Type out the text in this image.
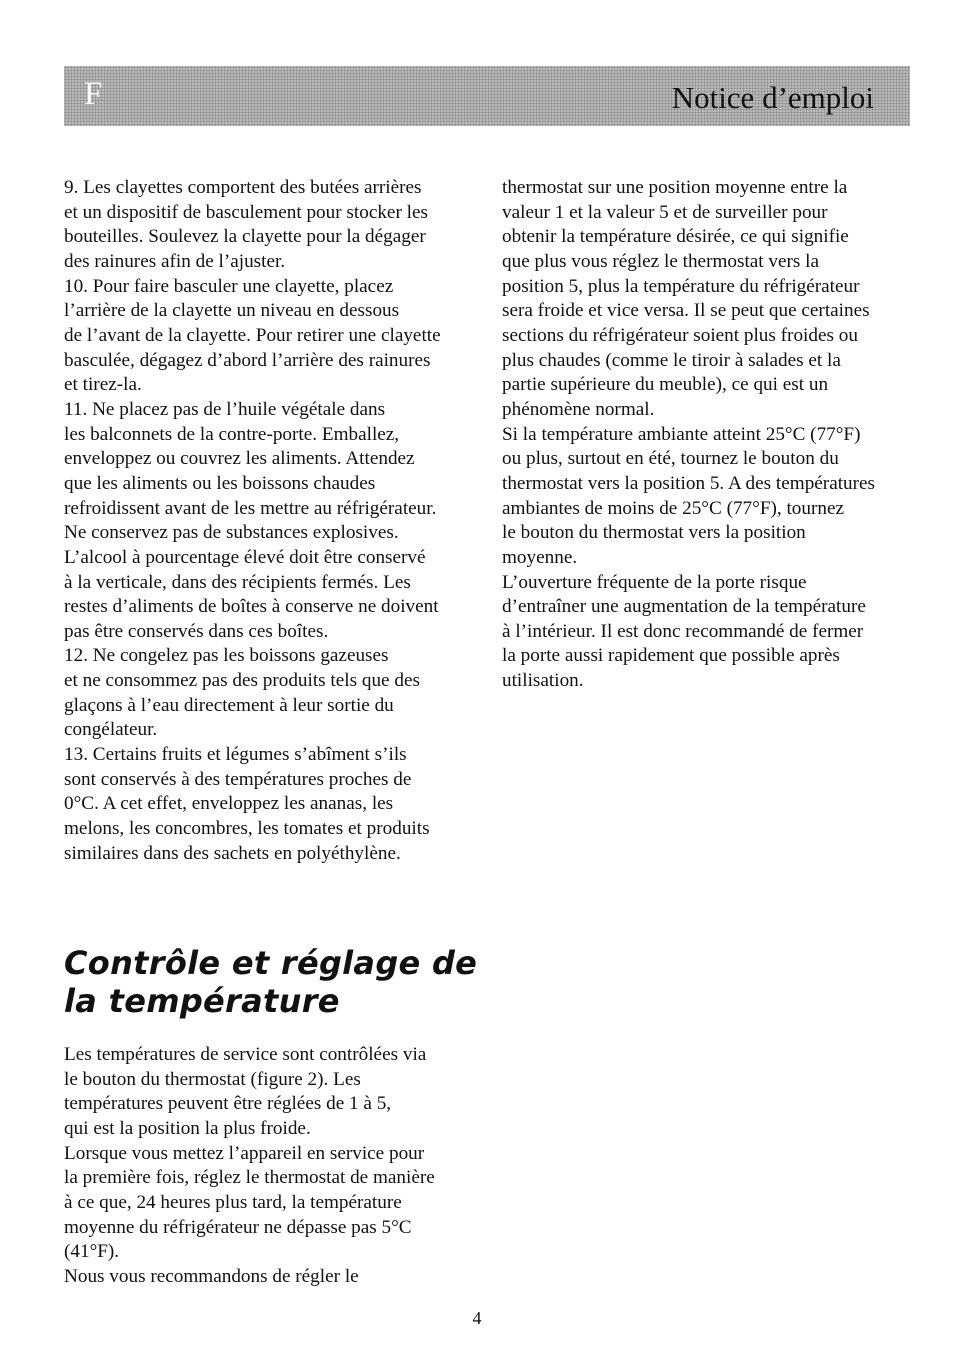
F	Notice d’emploi

9. Les clayettes comportent des butées arrières

et un dispositif de basculement pour stocker les

bouteilles. Soulevez la clayette pour la dégager

des rainures afin de l’ajuster.

10. Pour faire basculer une clayette, placez

l’arrière de la clayette un niveau en dessous

de l’avant de la clayette. Pour retirer une clayette

basculée, dégagez d’abord l’arrière des rainures

et tirez-la.

11. Ne placez pas de l’huile végétale dans

les balconnets de la contre-porte. Emballez,

enveloppez ou couvrez les aliments. Attendez

que les aliments ou les boissons chaudes

refroidissent avant de les mettre au réfrigérateur.

Ne conservez pas de substances explosives.

L’alcool à pourcentage élevé doit être conservé

à la verticale, dans des récipients fermés. Les

restes d’aliments de boîtes à conserve ne doivent

pas être conservés dans ces boîtes.

12. Ne congelez pas les boissons gazeuses

et ne consommez pas des produits tels que des

glaçons à l’eau directement à leur sortie du

congélateur.

13. Certains fruits et légumes s’abîment s’ils

sont conservés à des températures proches de

0°C. A cet effet, enveloppez les ananas, les

melons, les concombres, les tomates et produits

similaires dans des sachets en polyéthylène.

Contrôle et réglage de
la température

Les températures de service sont contrôlées via

le bouton du thermostat (figure 2). Les

températures peuvent être réglées de 1 à 5,

qui est la position la plus froide.

Lorsque vous mettez l’appareil en service pour

la première fois, réglez le thermostat de manière

à ce que, 24 heures plus tard, la température

moyenne du réfrigérateur ne dépasse pas 5°C

(41°F).

Nous vous recommandons de régler le

thermostat sur une position moyenne entre la

valeur 1 et la valeur 5 et de surveiller pour

obtenir la température désirée, ce qui signifie

que plus vous réglez le thermostat vers la

position 5, plus la température du réfrigérateur

sera froide et vice versa. Il se peut que certaines

sections du réfrigérateur soient plus froides ou

plus chaudes (comme le tiroir à salades et la

partie supérieure du meuble), ce qui est un

phénomène normal.

Si la température ambiante atteint 25°C (77°F)

ou plus, surtout en été, tournez le bouton du

thermostat vers la position 5. A des températures

ambiantes de moins de 25°C (77°F), tournez

le bouton du thermostat vers la position

moyenne.

L’ouverture fréquente de la porte risque

d’entraîner une augmentation de la température

à l’intérieur. Il est donc recommandé de fermer

la porte aussi rapidement que possible après

utilisation.

4
